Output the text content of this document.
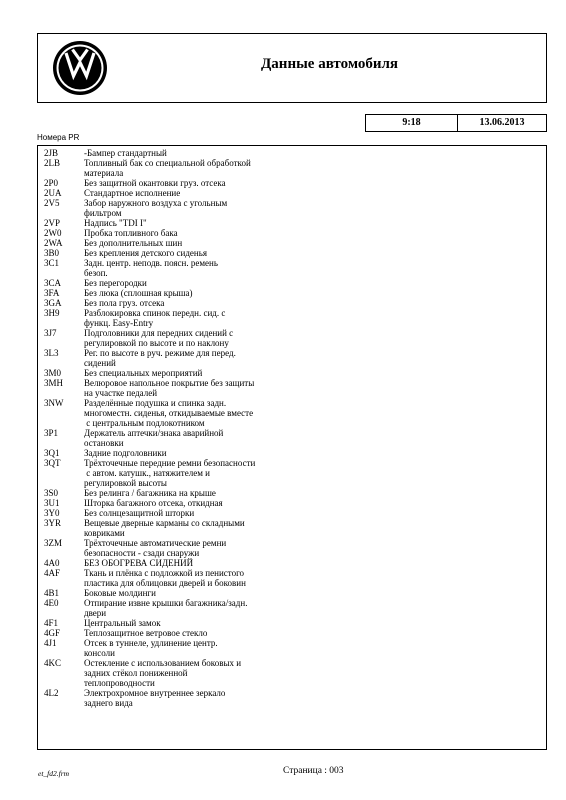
Данные автомобиля
9:18	13.06.2013
Номера PR
2JB	-Бампер стандартный
2LB	Топливный бак со специальной обработкой
материала
2P0	Без защитной окантовки груз. отсека
2UA	Стандартное исполнение
2V5	Забор наружного воздуха с угольным
фильтром
2VP	Надпись "TDI I"
2W0	Пробка топливного бака
2WA	Без дополнительных шин
3B0	Без крепления детского сиденья
3C1	Задн. центр. неподв. поясн. ремень
безоп.
3CA	Без перегородки
3FA	Без люка (сплошная крыша)
3GA	Без пола груз. отсека
3H9	Разблокировка спинок передн. сид. с
функц. Easy-Entry
3J7	Подголовники для передних сидений с
регулировкой по высоте и по наклону
3L3	Рег. по высоте в руч. режиме для перед.
сидений
3M0	Без специальных мероприятий
3MH	Велюровое напольное покрытие без защиты
на участке педалей
3NW	Разделённые подушка и спинка задн.
многоместн. сиденья, откидываемые вместе
с центральным подлокотником
3P1	Держатель аптечки/знака аварийной
остановки
3Q1	Задние подголовники
3QT	Трёхточечные передние ремни безопасности
с автом. катушк., натяжителем и
регулировкой высоты
3S0	Без релинга / багажника на крыше
3U1	Шторка багажного отсека, откидная
3Y0	Без солнцезащитной шторки
3YR	Вещевые дверные карманы со складными
ковриками
3ZM	Трёхточечные автоматические ремни
безопасности - сзади снаружи
4A0	БЕЗ ОБОГРЕВА СИДЕНИЙ
4AF	Ткань и плёнка с подложкой из пенистого
пластика для облицовки дверей и боковин
4B1	Боковые молдинги
4E0	Отпирание извне крышки багажника/задн.
двери
4F1	Центральный замок
4GF	Теплозащитное ветровое стекло
4J1	Отсек в туннеле, удлинение центр.
консоли
4KC	Остекление с использованием боковых и
задних стёкол пониженной
теплопроводности
4L2	Электрохромное внутреннее зеркало
заднего вида
et_fd2.frm	Страница : 003
